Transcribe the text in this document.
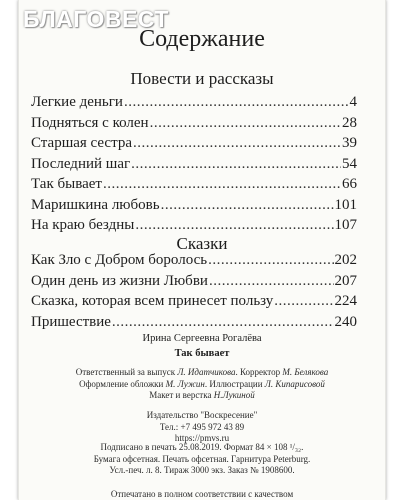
БЛАГОВЕСТ
Содержание
Повести и рассказы
Легкие деньги .....	4
Подняться с колен .....	28
Старшая сестра .....	39
Последний шаг .....	54
Так бывает .....	66
Маришкина любовь .....	101
На краю бездны .....	107
Сказки
Как Зло с Добром боролось .....	202
Один день из жизни Любви .....	207
Сказка, которая всем принесет пользу .....	224
Пришествие .....	240
Ирина Сергеевна Рогалёва
Так бывает
Ответственный за выпуск Л. Идатчикова. Корректор М. Белякова
Оформление обложки М. Лужин. Иллюстрации Л. Кипарисовой
Макет и верстка Н.Лукиной
Издательство "Воскресение"
Тел.: +7 495 972 43 89
https://pmvs.ru
Подписано в печать 25.08.2019. Формат 84 × 108 ¹/₃₂.
Бумага офсетная. Печать офсетная. Гарнитура Peterburg.
Усл.-печ. л. 8. Тираж 3000 экз. Заказ № 1908600.
Отпечатано в полном соответствии с качеством
